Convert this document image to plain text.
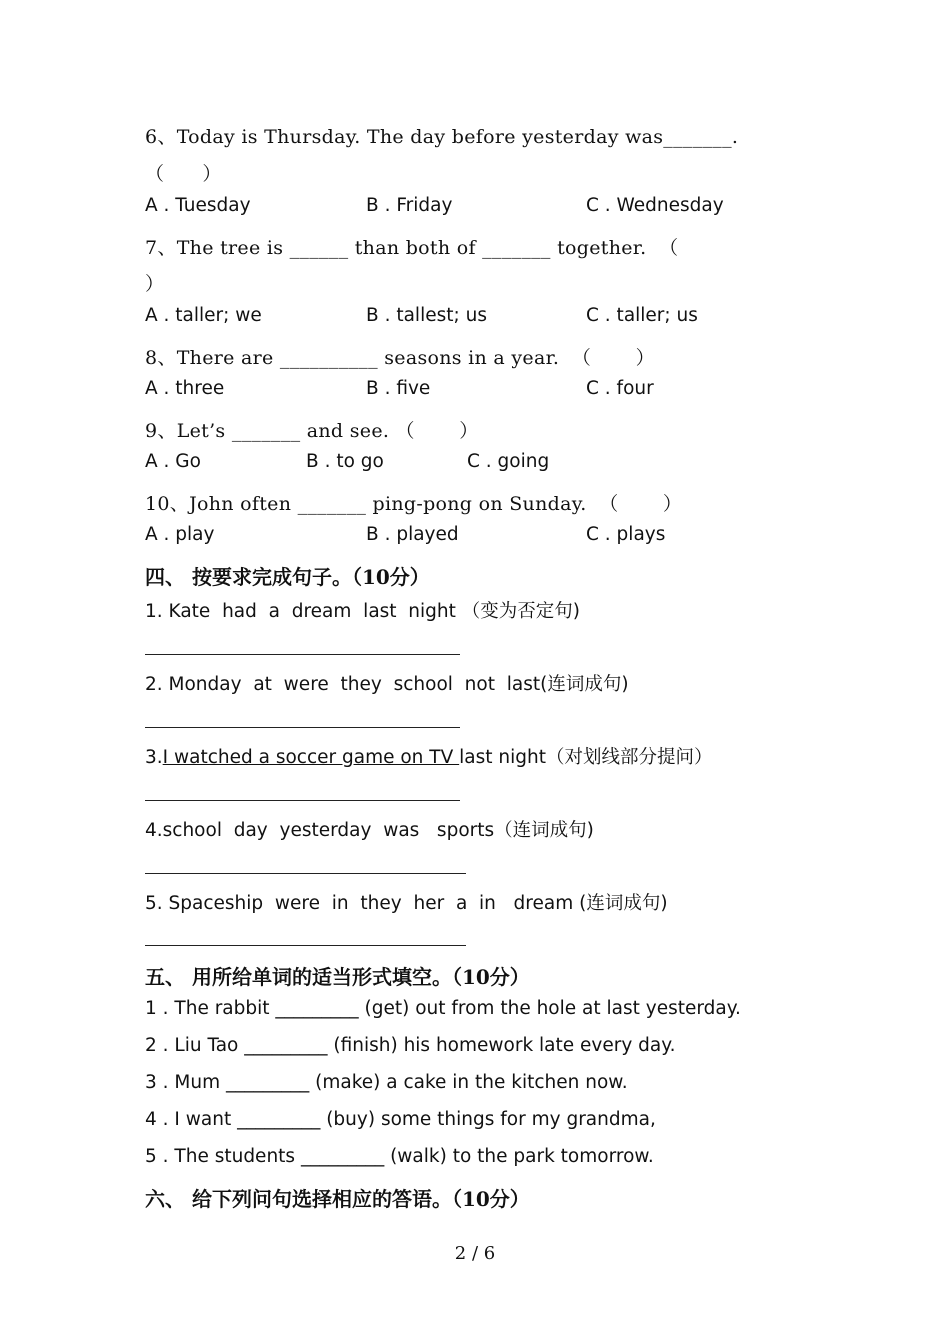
6、Today is Thursday. The day before yesterday was_______.
（      ）
A . Tuesday	B . Friday	C . Wednesday
7、The tree is ______ than both of _______ together.  （
）
A . taller; we	B . tallest; us	C . taller; us
8、There are __________ seasons in a year.  （       ）
A . three	B . five	C . four
9、Let’s _______ and see. （       ）
A . Go	B . to go	C . going
10、John often _______ ping-pong on Sunday.  （       ）
A . play	B . played	C . plays
四、 按要求完成句子。（10分）
1. Kate  had  a  dream  last  night （变为否定句)
2. Monday  at  were  they  school  not  last(连词成句)
3.I watched a soccer game on TV last night（对划线部分提问）
4.school  day  yesterday  was   sports（连词成句)
5. Spaceship  were  in  they  her  a  in   dream (连词成句)
五、 用所给单词的适当形式填空。（10分）
1 . The rabbit _________ (get) out from the hole at last yesterday.
2 . Liu Tao _________ (finish) his homework late every day.
3 . Mum _________ (make) a cake in the kitchen now.
4 . I want _________ (buy) some things for my grandma,
5 . The students _________ (walk) to the park tomorrow.
六、 给下列问句选择相应的答语。（10分）
2 / 6
